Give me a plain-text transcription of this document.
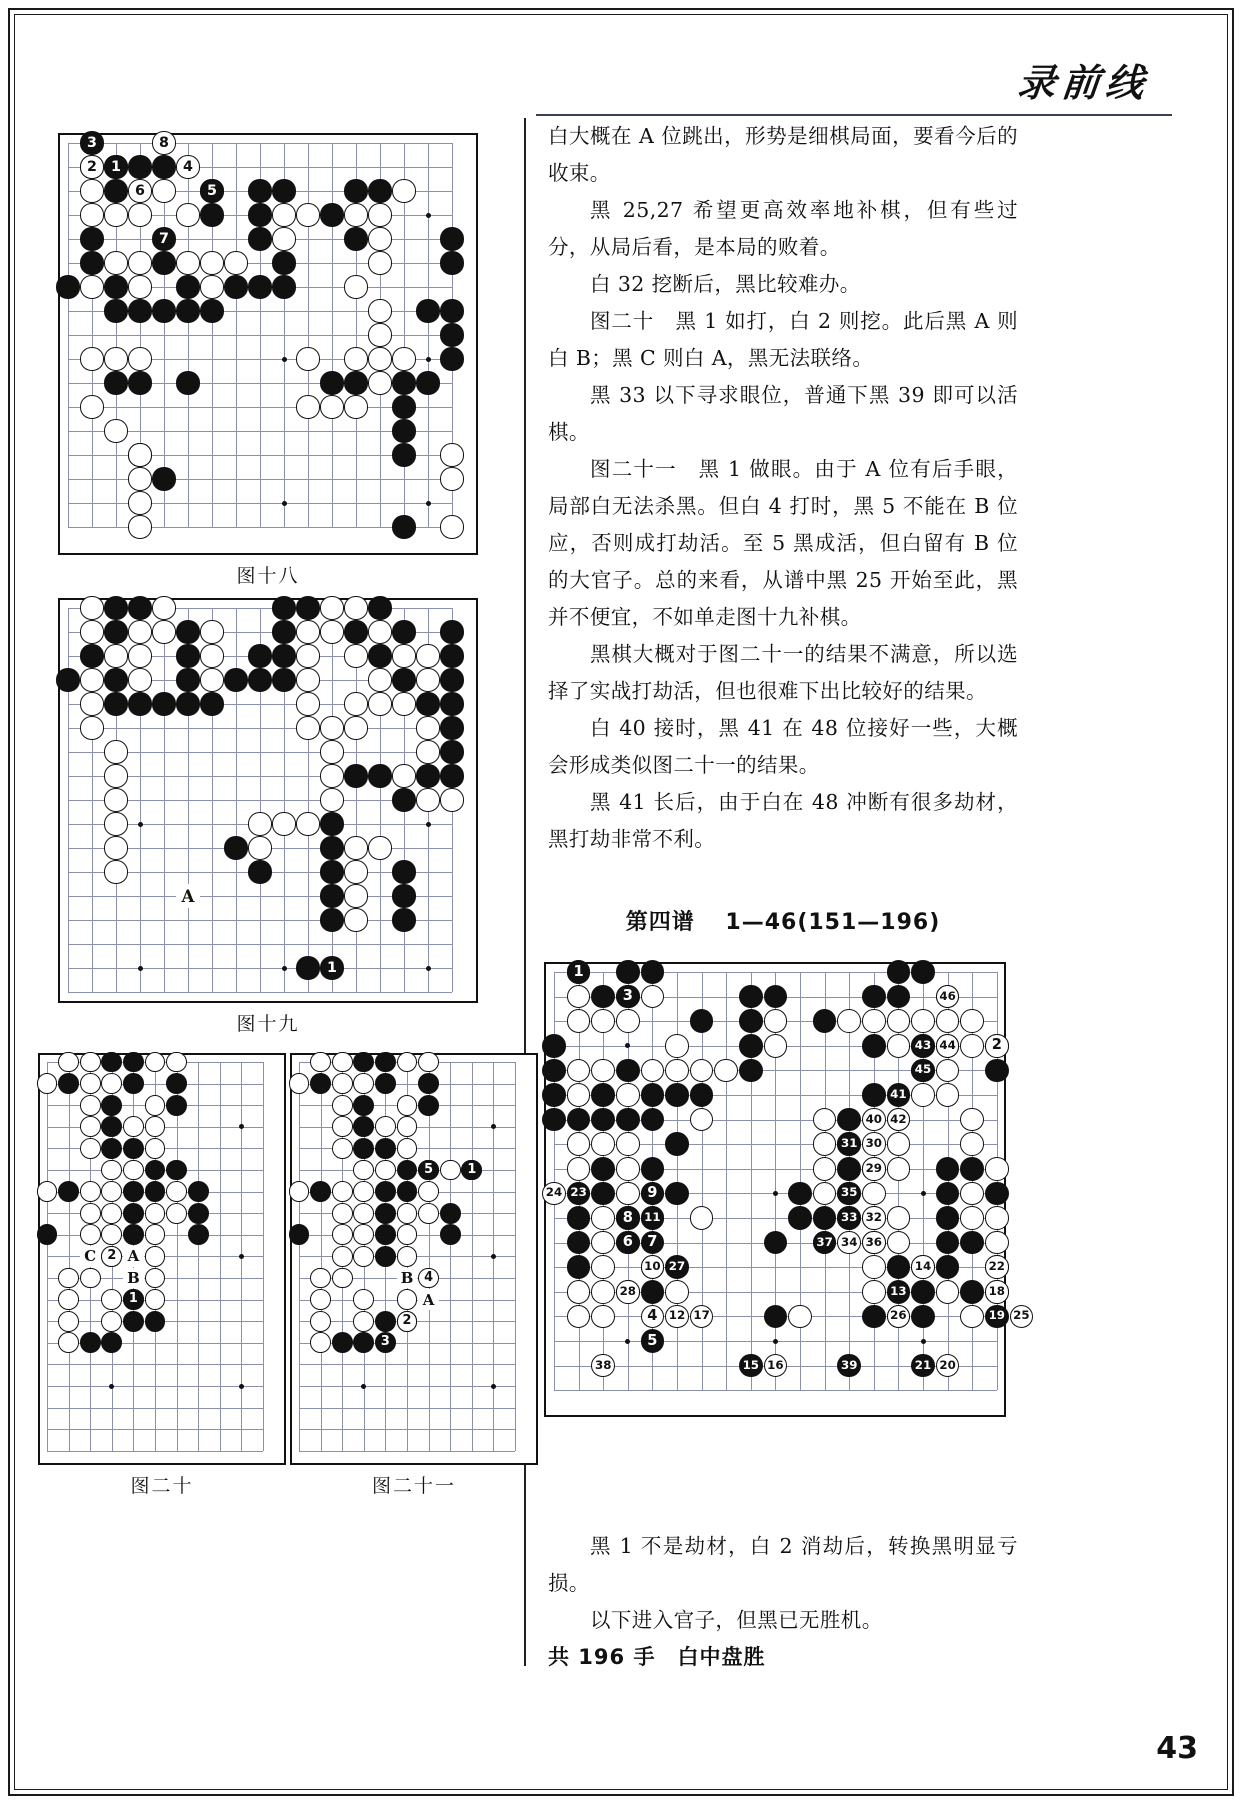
录前线
白大概在 A 位跳出，形势是细棋局面，要看今后的收束。
黑 25,27 希望更高效率地补棋，但有些过分，从局后看，是本局的败着。
白 32 挖断后，黑比较难办。
图二十　黑 1 如打，白 2 则挖。此后黑 A 则白 B；黑 C 则白 A，黑无法联络。
黑 33 以下寻求眼位，普通下黑 39 即可以活棋。
图二十一　黑 1 做眼。由于 A 位有后手眼，局部白无法杀黑。但白 4 打时，黑 5 不能在 B 位应，否则成打劫活。至 5 黑成活，但白留有 B 位的大官子。总的来看，从谱中黑 25 开始至此，黑并不便宜，不如单走图十九补棋。
黑棋大概对于图二十一的结果不满意，所以选择了实战打劫活，但也很难下出比较好的结果。
白 40 接时，黑 41 在 48 位接好一些，大概会形成类似图二十一的结果。
黑 41 长后，由于白在 48 冲断有很多劫材，黑打劫非常不利。
第四谱 1—46(151—196)
黑 1 不是劫材，白 2 消劫后，转换黑明显亏损。
以下进入官子，但黑已无胜机。
共 196 手　白中盘胜
1
2
3
4
5
6
7
8
图十八
1
A
图十九
1
2
C	A
B
图二十
5	1
4
2
3
B
A
图二十一
1
3	46
2
43 44
45
41
40 42
31 30
29
24 23	9	35
8 11	33 32
6 7	37 34 36
10 27	14	22
28	13	18
4 12 17	26	19 25
5
38	15 16	39	21 20
43
